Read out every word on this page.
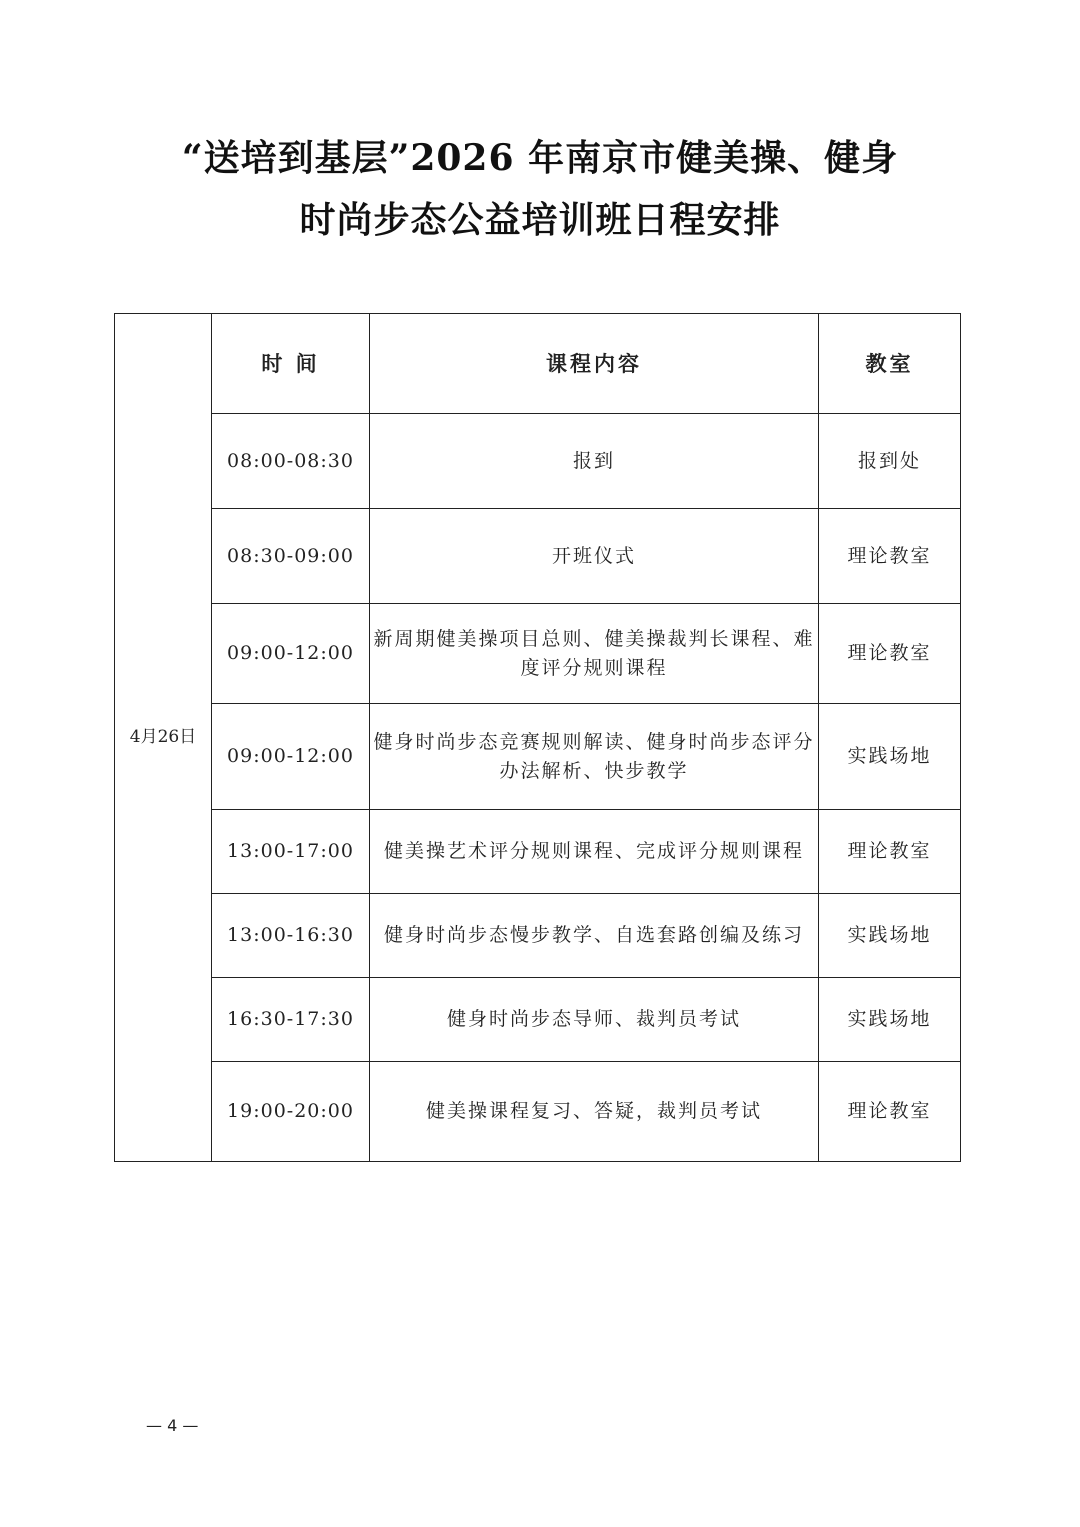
“送培到基层”2026 年南京市健美操、健身
时尚步态公益培训班日程安排
4月26日	时 间	课程内容	教室
	08:00-08:30	报到	报到处
	08:30-09:00	开班仪式	理论教室
	09:00-12:00	新周期健美操项目总则、健美操裁判长课程、难度评分规则课程	理论教室
	09:00-12:00	健身时尚步态竞赛规则解读、健身时尚步态评分办法解析、快步教学	实践场地
	13:00-17:00	健美操艺术评分规则课程、完成评分规则课程	理论教室
	13:00-16:30	健身时尚步态慢步教学、自选套路创编及练习	实践场地
	16:30-17:30	健身时尚步态导师、裁判员考试	实践场地
	19:00-20:00	健美操课程复习、答疑，裁判员考试	理论教室
— 4 —
